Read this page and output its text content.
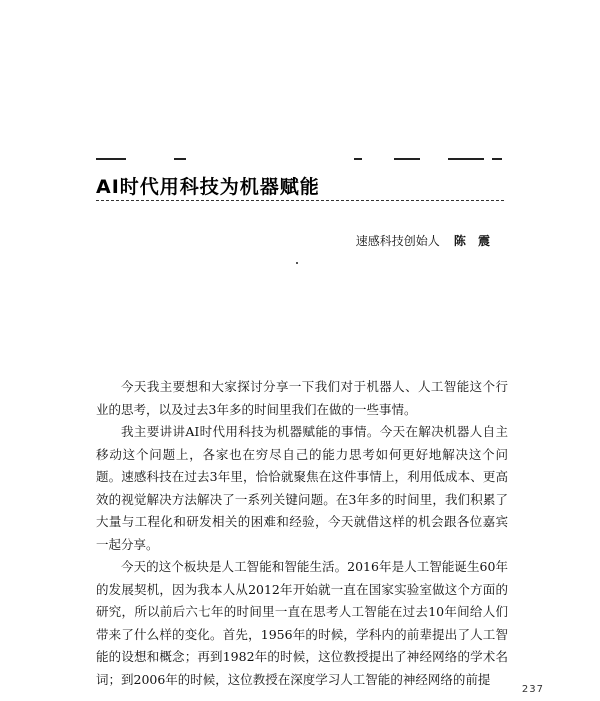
AI时代用科技为机器赋能
速感科技创始人 陈 震

今天我主要想和大家探讨分享一下我们对于机器人、人工智能这个行业的思考，以及过去3年多的时间里我们在做的一些事情。

我主要讲讲AI时代用科技为机器赋能的事情。今天在解决机器人自主移动这个问题上，各家也在穷尽自己的能力思考如何更好地解决这个问题。速感科技在过去3年里，恰恰就聚焦在这件事情上，利用低成本、更高效的视觉解决方法解决了一系列关键问题。在3年多的时间里，我们积累了大量与工程化和研发相关的困难和经验，今天就借这样的机会跟各位嘉宾一起分享。

今天的这个板块是人工智能和智能生活。2016年是人工智能诞生60年的发展契机，因为我本人从2012年开始就一直在国家实验室做这个方面的研究，所以前后六七年的时间里一直在思考人工智能在过去10年间给人们带来了什么样的变化。首先，1956年的时候，学科内的前辈提出了人工智能的设想和概念；再到1982年的时候，这位教授提出了神经网络的学术名词；到2006年的时候，这位教授在深度学习人工智能的神经网络的前提

237
